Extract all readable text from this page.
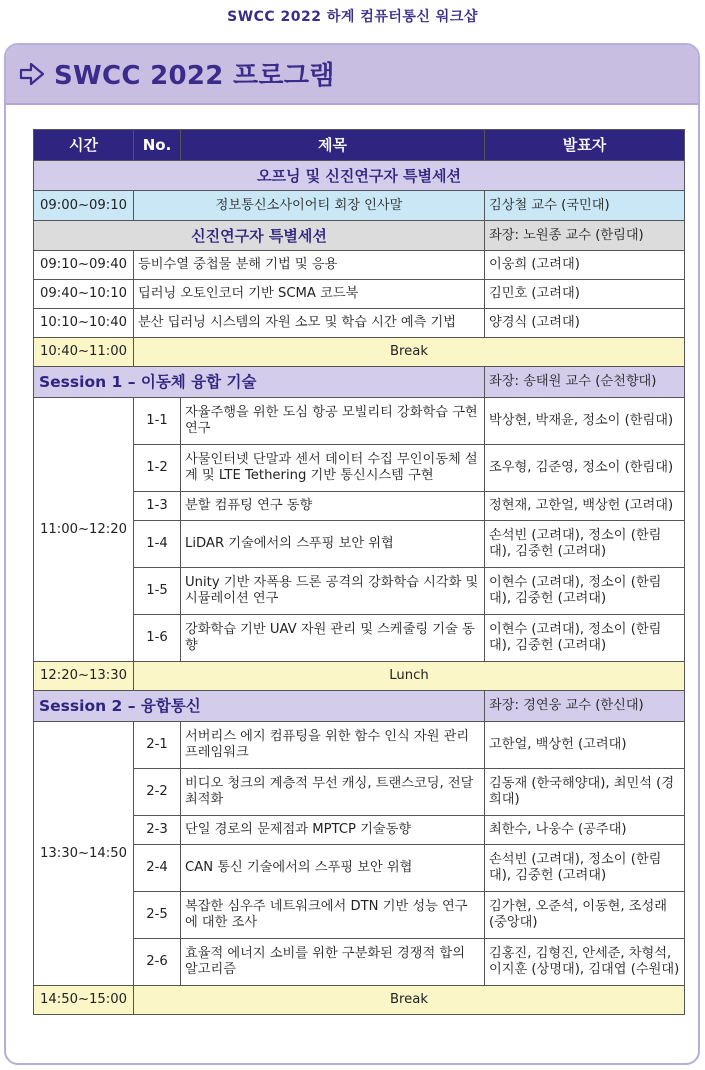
SWCC 2022 하계 컴퓨터통신 워크샵
SWCC 2022 프로그램
시간	No.	제목	발표자
오프닝 및 신진연구자 특별세션			
09:00~09:10	정보통신소사이어티 회장 인사말		김상철 교수 (국민대)
신진연구자 특별세션			좌장: 노원종 교수 (한림대)
09:10~09:40	등비수열 중첩물 분해 기법 및 응용		이웅희 (고려대)
09:40~10:10	딥러닝 오토인코더 기반 SCMA 코드북		김민호 (고려대)
10:10~10:40	분산 딥러닝 시스템의 자원 소모 및 학습 시간 예측 기법		양경식 (고려대)
10:40~11:00	Break		
Session 1 – 이동체 융합 기술			좌장: 송태원 교수 (순천향대)
11:00~12:20	1-1	자율주행을 위한 도심 항공 모빌리티 강화학습 구현 연구	박상현, 박재윤, 정소이 (한림대)
	1-2	사물인터넷 단말과 센서 데이터 수집 무인이동체 설계 및 LTE Tethering 기반 통신시스템 구현	조우형, 김준영, 정소이 (한림대)
	1-3	분할 컴퓨팅 연구 동향	정현재, 고한얼, 백상헌 (고려대)
	1-4	LiDAR 기술에서의 스푸핑 보안 위협	손석빈 (고려대), 정소이 (한림대), 김중헌 (고려대)
	1-5	Unity 기반 자폭용 드론 공격의 강화학습 시각화 및 시뮬레이션 연구	이현수 (고려대), 정소이 (한림대), 김중헌 (고려대)
	1-6	강화학습 기반 UAV 자원 관리 및 스케줄링 기술 동향	이현수 (고려대), 정소이 (한림대), 김중헌 (고려대)
12:20~13:30	Lunch		
Session 2 – 융합통신			좌장: 경연웅 교수 (한신대)
13:30~14:50	2-1	서버리스 에지 컴퓨팅을 위한 함수 인식 자원 관리 프레임워크	고한얼, 백상헌 (고려대)
	2-2	비디오 청크의 계층적 무선 캐싱, 트랜스코딩, 전달 최적화	김동재 (한국해양대), 최민석 (경희대)
	2-3	단일 경로의 문제점과 MPTCP 기술동향	최한수, 나웅수 (공주대)
	2-4	CAN 통신 기술에서의 스푸핑 보안 위협	손석빈 (고려대), 정소이 (한림대), 김중헌 (고려대)
	2-5	복잡한 심우주 네트워크에서 DTN 기반 성능 연구에 대한 조사	김가현, 오준석, 이동현, 조성래 (중앙대)
	2-6	효율적 에너지 소비를 위한 구분화된 경쟁적 합의 알고리즘	김홍진, 김형진, 안세준, 차형석, 이지훈 (상명대), 김대엽 (수원대)
14:50~15:00	Break		
